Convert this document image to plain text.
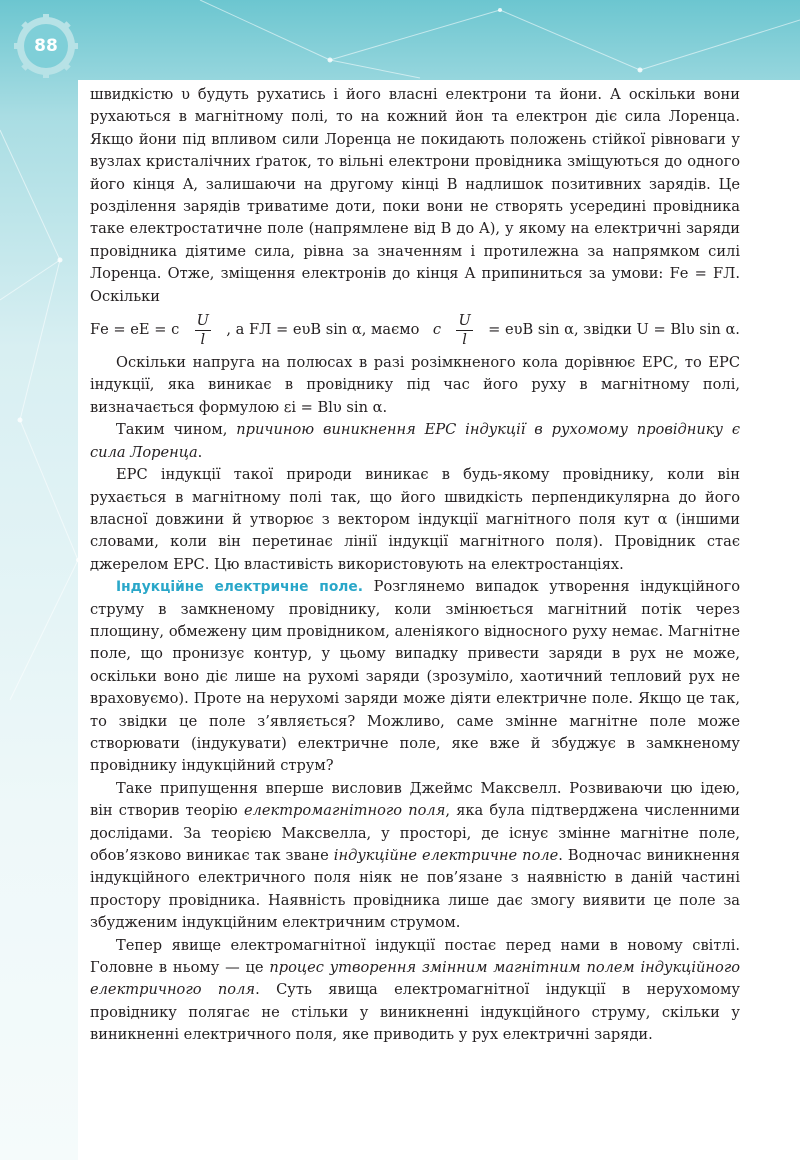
88

швидкістю υ будуть рухатись і його власні електрони та йони. А оскільки вони рухаються в магнітному полі, то на кожний йон та електрон діє сила Лоренца. Якщо йони під впливом сили Лоренца не покидають положень стійкої рівноваги у вузлах кристалічних ґраток, то вільні електрони провідника зміщуються до одного його кінця A, залишаючи на другому кінці B надлишок позитивних зарядів. Це розділення зарядів триватиме доти, поки вони не створять усередині провідника таке електростатичне поле (напрямлене від B до A), у якому на електричні заряди провідника діятиме сила, рівна за значенням і протилежна за напрямком силі Лоренца. Отже, зміщення електронів до кінця A припиниться за умови: Fе = FЛ. Оскільки

Fе = eE = c $\frac{U}{l}$ , а FЛ = eυB sin α, маємо c $\frac{U}{l} = e\upsilon B$ sin α, звідки U = Blυ sin α.

Оскільки напруга на полюсах в разі розімкненого кола дорівнює ЕРС, то ЕРС індукції, яка виникає в провіднику під час його руху в магнітному полі, визначається формулою εі = Blυ sin α.

Таким чином, причиною виникнення ЕРС індукції в рухомому провіднику є сила Лоренца.

ЕРС індукції такої природи виникає в будь-якому провіднику, коли він рухається в магнітному полі так, що його швидкість перпендикулярна до його власної довжини й утворює з вектором індукції магнітного поля кут α (іншими словами, коли він перетинає лінії індукції магнітного поля). Провідник стає джерелом ЕРС. Цю властивість використовують на електростанціях.

Індукційне електричне поле. Розглянемо випадок утворення індукційного струму в замкненому провіднику, коли змінюється магнітний потік через площину, обмежену цим провідником, аленіякого відносного руху немає. Магнітне поле, що пронизує контур, у цьому випадку привести заряди в рух не може, оскільки воно діє лише на рухомі заряди (зрозуміло, хаотичний тепловий рух не враховуємо). Проте на нерухомі заряди може діяти електричне поле. Якщо це так, то звідки це поле з’являється? Можливо, саме змінне магнітне поле може створювати (індукувати) електричне поле, яке вже й збуджує в замкненому провіднику індукційний струм?

Таке припущення вперше висловив Джеймс Максвелл. Розвиваючи цю ідею, він створив теорію електромагнітного поля, яка була підтверджена численними дослідами. За теорією Максвелла, у просторі, де існує змінне магнітне поле, обов’язково виникає так зване індукційне електричне поле. Водночас виникнення індукційного електричного поля ніяк не пов’язане з наявністю в даній частині простору провідника. Наявність провідника лише дає змогу виявити це поле за збудженим індукційним електричним струмом.

Тепер явище електромагнітної індукції постає перед нами в новому світлі. Головне в ньому — це процес утворення змінним магнітним полем індукційного електричного поля. Суть явища електромагнітної індукції в нерухомому провіднику полягає не стільки у виникненні індукційного струму, скільки у виникненні електричного поля, яке приводить у рух електричні заряди.
